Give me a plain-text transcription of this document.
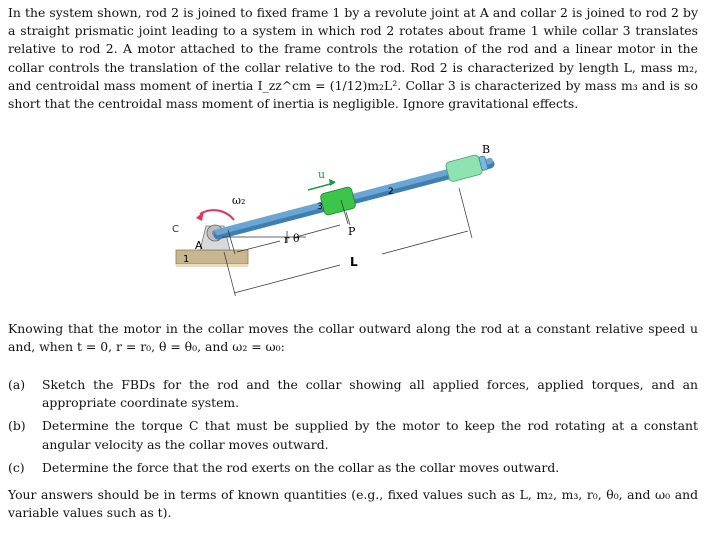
In the system shown, rod 2 is joined to fixed frame 1 by a revolute joint at A and collar 2 is joined to rod 2 by a straight prismatic joint leading to a system in which rod 2 rotates about frame 1 while collar 3 translates relative to rod 2. A motor attached to the frame controls the rotation of the rod and a linear motor in the collar controls the translation of the collar relative to the rod. Rod 2 is characterized by length L, mass m₂, and centroidal mass moment of inertia I_zz^cm = (1/12)m₂L². Collar 3 is characterized by mass m₃ and is so short that the centroidal mass moment of inertia is negligible. Ignore gravitational effects.
1
A
C
ω₂
2
B
3
u
θ
P
r
L
Knowing that the motor in the collar moves the collar outward along the rod at a constant relative speed u and, when t = 0, r = r₀, θ = θ₀, and ω₂ = ω₀:
(a) Sketch the FBDs for the rod and the collar showing all applied forces, applied torques, and an appropriate coordinate system.
(b) Determine the torque C that must be supplied by the motor to keep the rod rotating at a constant angular velocity as the collar moves outward.
(c) Determine the force that the rod exerts on the collar as the collar moves outward.
Your answers should be in terms of known quantities (e.g., fixed values such as L, m₂, m₃, r₀, θ₀, and ω₀ and variable values such as t).
